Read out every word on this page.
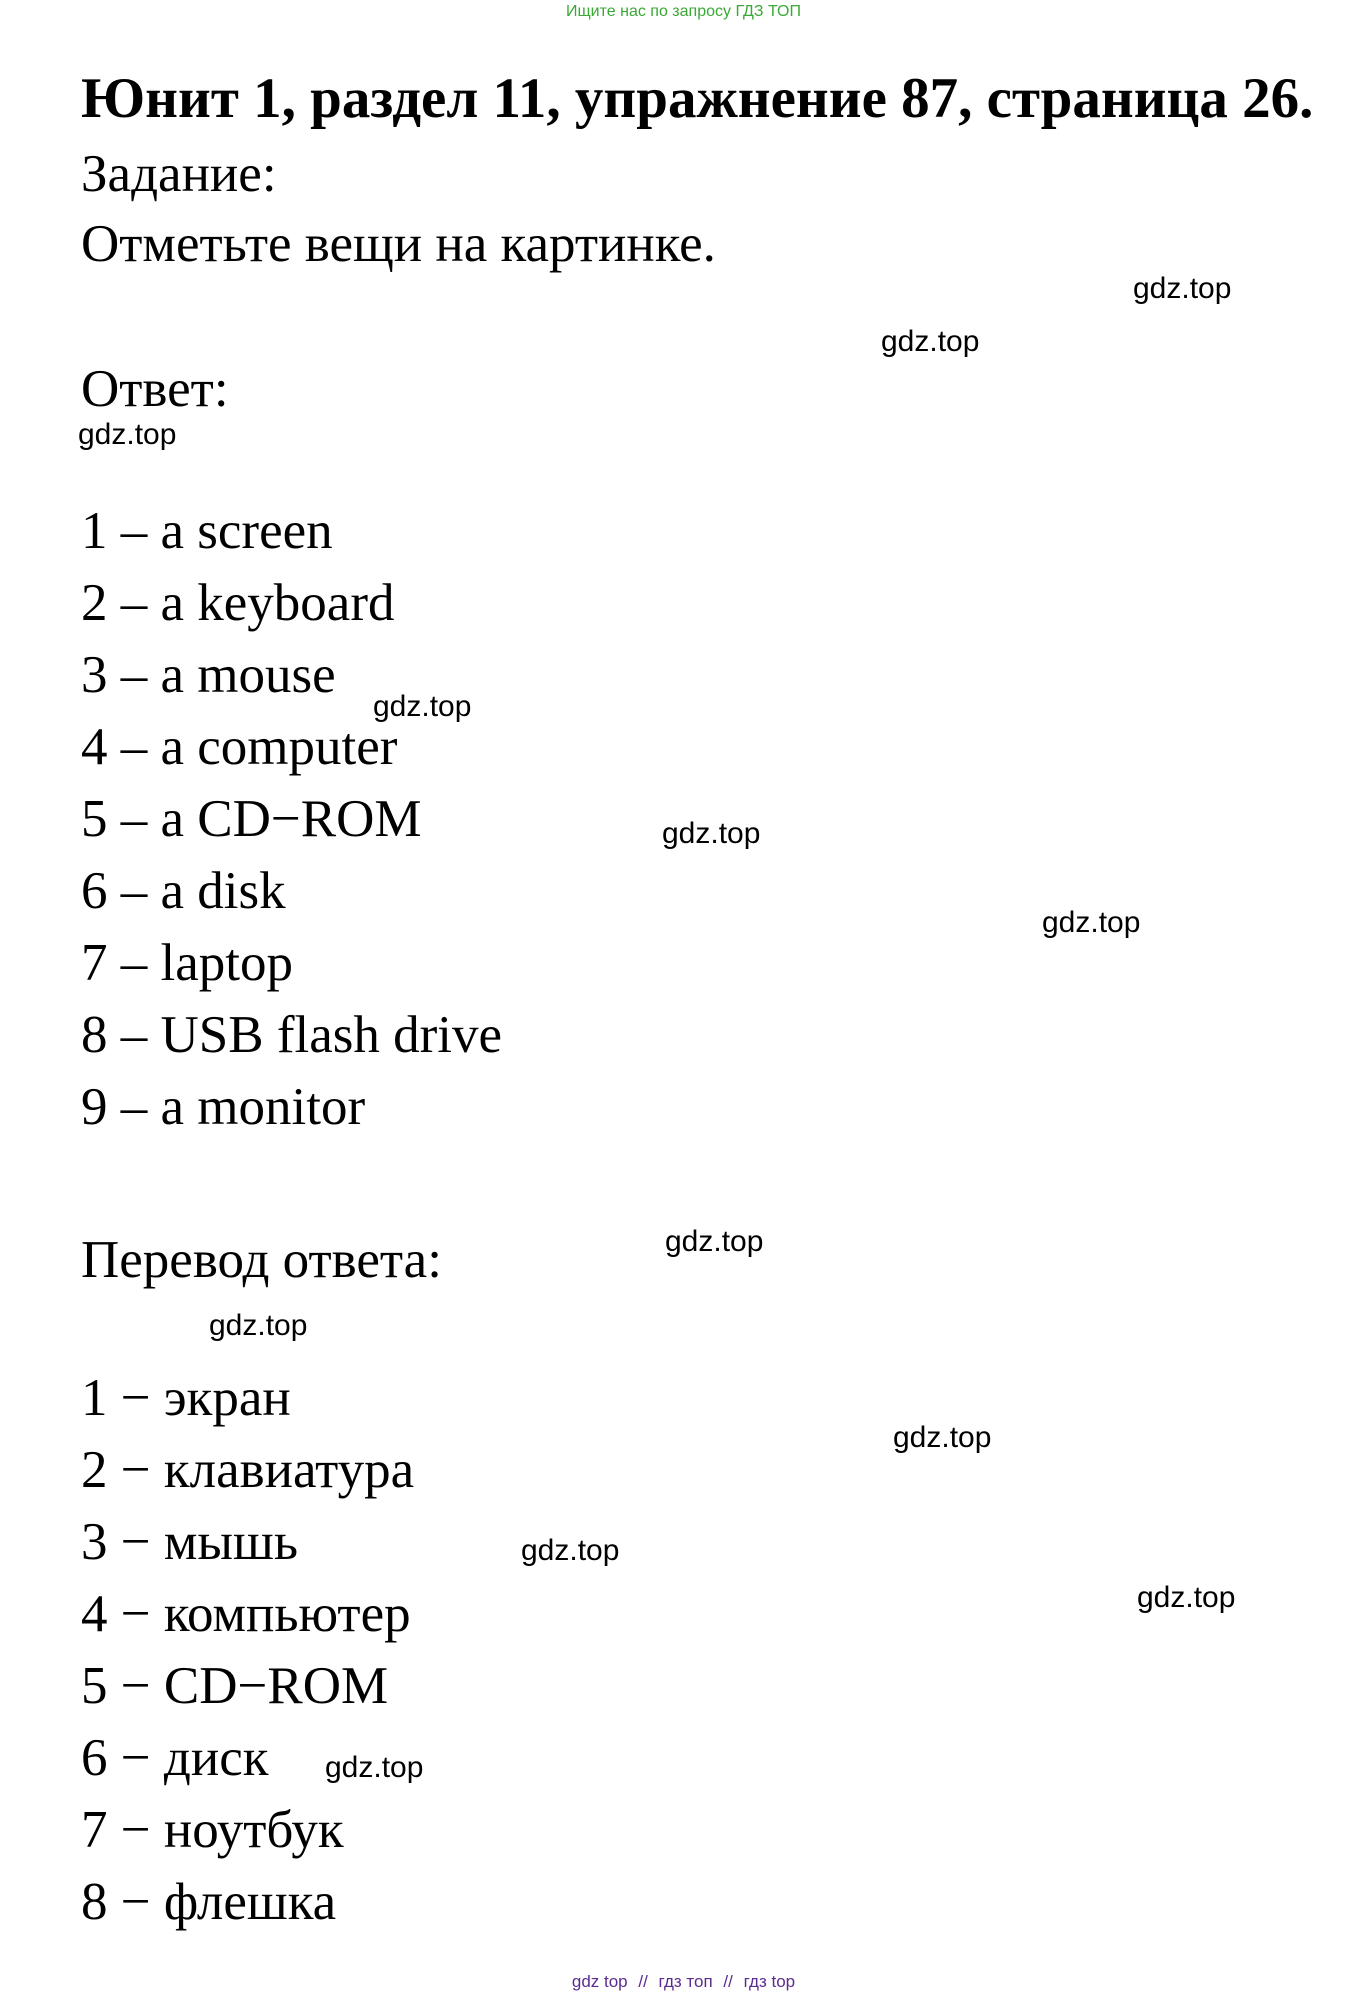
Ищите нас по запросу ГДЗ ТОП
Юнит 1, раздел 11, упражнение 87, страница 26.
Задание:
Отметьте вещи на картинке.
Ответ:
1 – a screen
2 – a keyboard
3 – a mouse
4 – a computer
5 – a CD−ROM
6 – a disk
7 – laptop
8 – USB flash drive
9 – a monitor
Перевод ответа:
1 − экран
2 − клавиатура
3 − мышь
4 − компьютер
5 − CD−ROM
6 − диск
7 − ноутбук
8 − флешка
gdz.top
gdz.top
gdz.top
gdz.top
gdz.top
gdz.top
gdz.top
gdz.top
gdz.top
gdz.top
gdz.top
gdz.top
gdz top // гдз топ // гдз top
